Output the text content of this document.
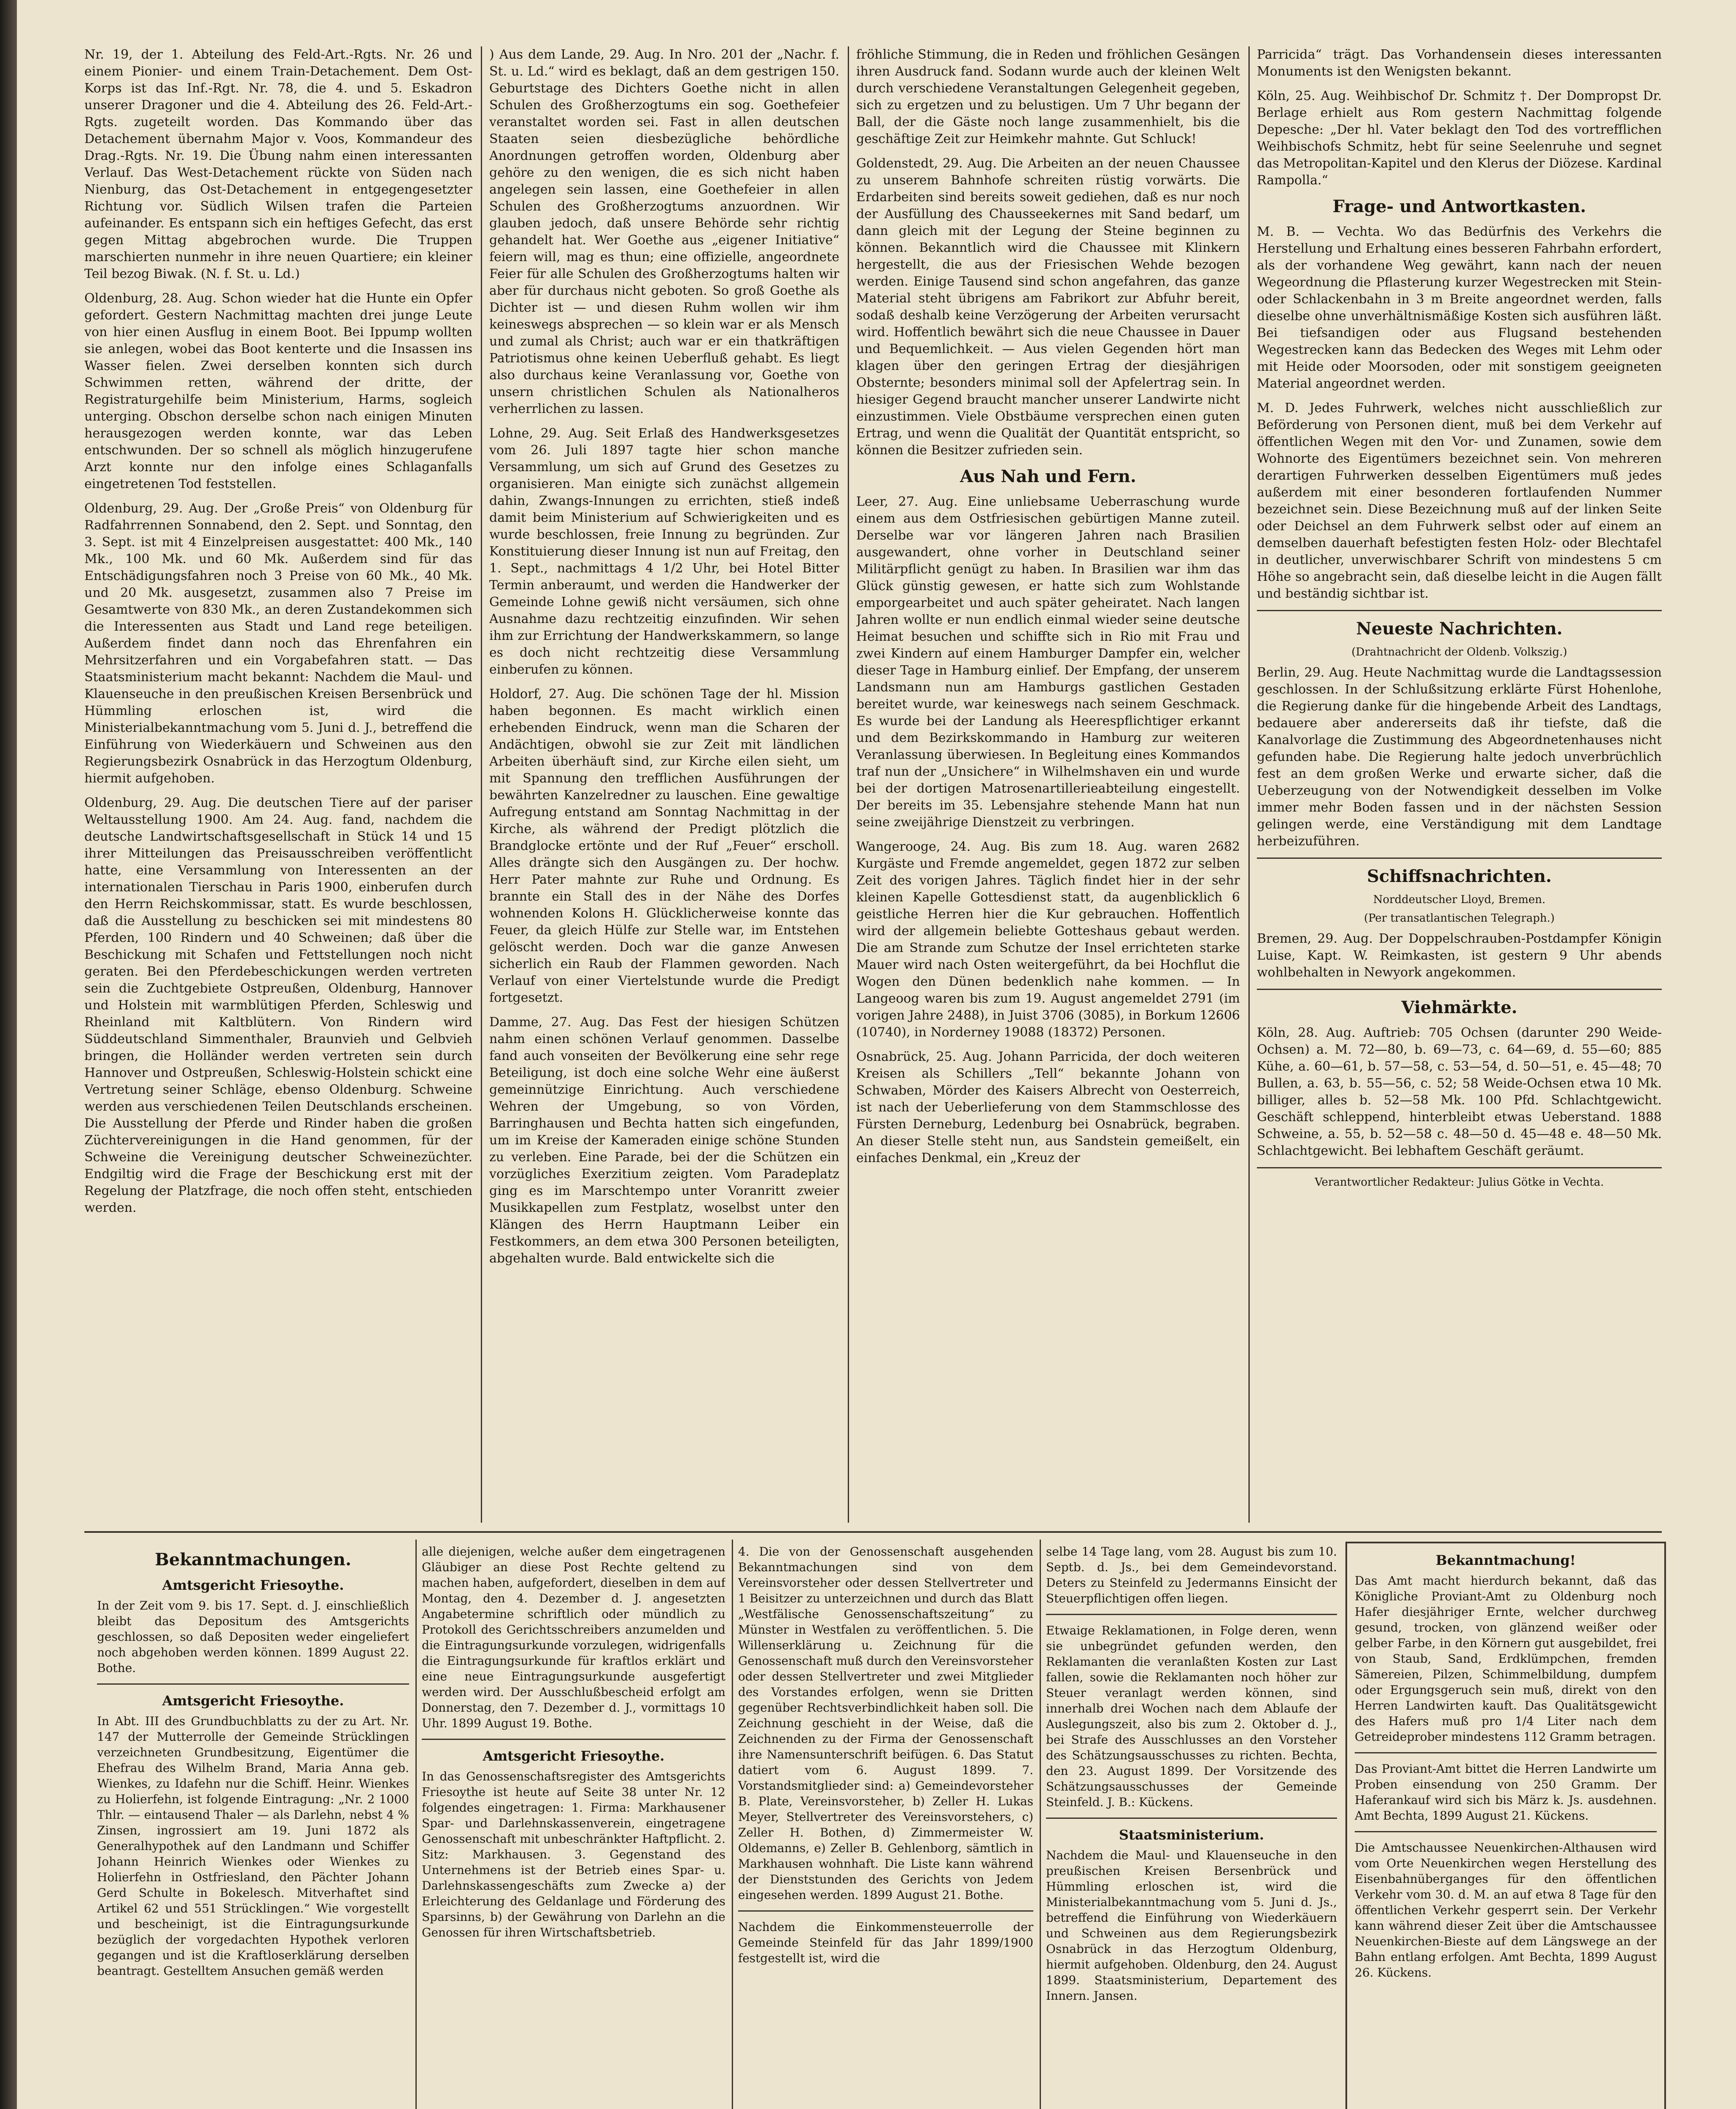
Nr. 19, der 1. Abteilung des Feld-Art.-Rgts. Nr. 26 und einem Pionier- und einem Train-Detachement. Dem Ost-Korps ist das Inf.-Rgt. Nr. 78, die 4. und 5. Eskadron unserer Dragoner und die 4. Abteilung des 26. Feld-Art.-Rgts. zugeteilt worden. Das Kommando über das Detachement übernahm Major v. Voos, Kommandeur des Drag.-Rgts. Nr. 19. Die Übung nahm einen interessanten Verlauf. Das West-Detachement rückte von Süden nach Nienburg, das Ost-Detachement in entgegengesetzter Richtung vor. Südlich Wilsen trafen die Parteien aufeinander. Es entspann sich ein heftiges Gefecht, das erst gegen Mittag abgebrochen wurde. Die Truppen marschierten nunmehr in ihre neuen Quartiere; ein kleiner Teil bezog Biwak. (N. f. St. u. Ld.)

Oldenburg, 28. Aug. Schon wieder hat die Hunte ein Opfer gefordert. Gestern Nachmittag machten drei junge Leute von hier einen Ausflug in einem Boot. Bei Ippump wollten sie anlegen, wobei das Boot kenterte und die Insassen ins Wasser fielen. Zwei derselben konnten sich durch Schwimmen retten, während der dritte, der Registraturgehilfe beim Ministerium, Harms, sogleich unterging. Obschon derselbe schon nach einigen Minuten herausgezogen werden konnte, war das Leben entschwunden. Der so schnell als möglich hinzugerufene Arzt konnte nur den infolge eines Schlaganfalls eingetretenen Tod feststellen.

Oldenburg, 29. Aug. Der „Große Preis“ von Oldenburg für Radfahrrennen Sonnabend, den 2. Sept. und Sonntag, den 3. Sept. ist mit 4 Einzelpreisen ausgestattet: 400 Mk., 140 Mk., 100 Mk. und 60 Mk. Außerdem sind für das Entschädigungsfahren noch 3 Preise von 60 Mk., 40 Mk. und 20 Mk. ausgesetzt, zusammen also 7 Preise im Gesamtwerte von 830 Mk., an deren Zustandekommen sich die Interessenten aus Stadt und Land rege beteiligen. Außerdem findet dann noch das Ehrenfahren ein Mehrsitzerfahren und ein Vorgabefahren statt. — Das Staatsministerium macht bekannt: Nachdem die Maul- und Klauenseuche in den preußischen Kreisen Bersenbrück und Hümmling erloschen ist, wird die Ministerialbekanntmachung vom 5. Juni d. J., betreffend die Einführung von Wiederkäuern und Schweinen aus den Regierungsbezirk Osnabrück in das Herzogtum Oldenburg, hiermit aufgehoben.

Oldenburg, 29. Aug. Die deutschen Tiere auf der pariser Weltausstellung 1900. Am 24. Aug. fand, nachdem die deutsche Landwirtschaftsgesellschaft in Stück 14 und 15 ihrer Mitteilungen das Preisausschreiben veröffentlicht hatte, eine Versammlung von Interessenten an der internationalen Tierschau in Paris 1900, einberufen durch den Herrn Reichskommissar, statt. Es wurde beschlossen, daß die Ausstellung zu beschicken sei mit mindestens 80 Pferden, 100 Rindern und 40 Schweinen; daß über die Beschickung mit Schafen und Fettstellungen noch nicht geraten. Bei den Pferdebeschickungen werden vertreten sein die Zuchtgebiete Ostpreußen, Oldenburg, Hannover und Holstein mit warmblütigen Pferden, Schleswig und Rheinland mit Kaltblütern. Von Rindern wird Süddeutschland Simmenthaler, Braunvieh und Gelbvieh bringen, die Holländer werden vertreten sein durch Hannover und Ostpreußen, Schleswig-Holstein schickt eine Vertretung seiner Schläge, ebenso Oldenburg. Schweine werden aus verschiedenen Teilen Deutschlands erscheinen. Die Ausstellung der Pferde und Rinder haben die großen Züchtervereinigungen in die Hand genommen, für der Schweine die Vereinigung deutscher Schweinezüchter. Endgiltig wird die Frage der Beschickung erst mit der Regelung der Platzfrage, die noch offen steht, entschieden werden.

) Aus dem Lande, 29. Aug. In Nro. 201 der „Nachr. f. St. u. Ld.“ wird es beklagt, daß an dem gestrigen 150. Geburtstage des Dichters Goethe nicht in allen Schulen des Großherzogtums ein sog. Goethefeier veranstaltet worden sei. Fast in allen deutschen Staaten seien diesbezügliche behördliche Anordnungen getroffen worden, Oldenburg aber gehöre zu den wenigen, die es sich nicht haben angelegen sein lassen, eine Goethefeier in allen Schulen des Großherzogtums anzuordnen. Wir glauben jedoch, daß unsere Behörde sehr richtig gehandelt hat. Wer Goethe aus „eigener Initiative“ feiern will, mag es thun; eine offizielle, angeordnete Feier für alle Schulen des Großherzogtums halten wir aber für durchaus nicht geboten. So groß Goethe als Dichter ist — und diesen Ruhm wollen wir ihm keineswegs absprechen — so klein war er als Mensch und zumal als Christ; auch war er ein thatkräftigen Patriotismus ohne keinen Ueberfluß gehabt. Es liegt also durchaus keine Veranlassung vor, Goethe von unsern christlichen Schulen als Nationalheros verherrlichen zu lassen.

Lohne, 29. Aug. Seit Erlaß des Handwerksgesetzes vom 26. Juli 1897 tagte hier schon manche Versammlung, um sich auf Grund des Gesetzes zu organisieren. Man einigte sich zunächst allgemein dahin, Zwangs-Innungen zu errichten, stieß indeß damit beim Ministerium auf Schwierigkeiten und es wurde beschlossen, freie Innung zu begründen. Zur Konstituierung dieser Innung ist nun auf Freitag, den 1. Sept., nachmittags 4 1/2 Uhr, bei Hotel Bitter Termin anberaumt, und werden die Handwerker der Gemeinde Lohne gewiß nicht versäumen, sich ohne Ausnahme dazu rechtzeitig einzufinden. Wir sehen ihm zur Errichtung der Handwerkskammern, so lange es doch nicht rechtzeitig diese Versammlung einberufen zu können.

Holdorf, 27. Aug. Die schönen Tage der hl. Mission haben begonnen. Es macht wirklich einen erhebenden Eindruck, wenn man die Scharen der Andächtigen, obwohl sie zur Zeit mit ländlichen Arbeiten überhäuft sind, zur Kirche eilen sieht, um mit Spannung den trefflichen Ausführungen der bewährten Kanzelredner zu lauschen. Eine gewaltige Aufregung entstand am Sonntag Nachmittag in der Kirche, als während der Predigt plötzlich die Brandglocke ertönte und der Ruf „Feuer“ erscholl. Alles drängte sich den Ausgängen zu. Der hochw. Herr Pater mahnte zur Ruhe und Ordnung. Es brannte ein Stall des in der Nähe des Dorfes wohnenden Kolons H. Glücklicherweise konnte das Feuer, da gleich Hülfe zur Stelle war, im Entstehen gelöscht werden. Doch war die ganze Anwesen sicherlich ein Raub der Flammen geworden. Nach Verlauf von einer Viertelstunde wurde die Predigt fortgesetzt.

Damme, 27. Aug. Das Fest der hiesigen Schützen nahm einen schönen Verlauf genommen. Dasselbe fand auch vonseiten der Bevölkerung eine sehr rege Beteiligung, ist doch eine solche Wehr eine äußerst gemeinnützige Einrichtung. Auch verschiedene Wehren der Umgebung, so von Vörden, Barringhausen und Bechta hatten sich eingefunden, um im Kreise der Kameraden einige schöne Stunden zu verleben. Eine Parade, bei der die Schützen ein vorzügliches Exerzitium zeigten. Vom Paradeplatz ging es im Marschtempo unter Voranritt zweier Musikkapellen zum Festplatz, woselbst unter den Klängen des Herrn Hauptmann Leiber ein Festkommers, an dem etwa 300 Personen beteiligten, abgehalten wurde. Bald entwickelte sich die

fröhliche Stimmung, die in Reden und fröhlichen Gesängen ihren Ausdruck fand. Sodann wurde auch der kleinen Welt durch verschiedene Veranstaltungen Gelegenheit gegeben, sich zu ergetzen und zu belustigen. Um 7 Uhr begann der Ball, der die Gäste noch lange zusammenhielt, bis die geschäftige Zeit zur Heimkehr mahnte. Gut Schluck!

Goldenstedt, 29. Aug. Die Arbeiten an der neuen Chaussee zu unserem Bahnhofe schreiten rüstig vorwärts. Die Erdarbeiten sind bereits soweit gediehen, daß es nur noch der Ausfüllung des Chausseekernes mit Sand bedarf, um dann gleich mit der Legung der Steine beginnen zu können. Bekanntlich wird die Chaussee mit Klinkern hergestellt, die aus der Friesischen Wehde bezogen werden. Einige Tausend sind schon angefahren, das ganze Material steht übrigens am Fabrikort zur Abfuhr bereit, sodaß deshalb keine Verzögerung der Arbeiten verursacht wird. Hoffentlich bewährt sich die neue Chaussee in Dauer und Bequemlichkeit. — Aus vielen Gegenden hört man klagen über den geringen Ertrag der diesjährigen Obsternte; besonders minimal soll der Apfelertrag sein. In hiesiger Gegend braucht mancher unserer Landwirte nicht einzustimmen. Viele Obstbäume versprechen einen guten Ertrag, und wenn die Qualität der Quantität entspricht, so können die Besitzer zufrieden sein.

Aus Nah und Fern.

Leer, 27. Aug. Eine unliebsame Ueberraschung wurde einem aus dem Ostfriesischen gebürtigen Manne zuteil. Derselbe war vor längeren Jahren nach Brasilien ausgewandert, ohne vorher in Deutschland seiner Militärpflicht genügt zu haben. In Brasilien war ihm das Glück günstig gewesen, er hatte sich zum Wohlstande emporgearbeitet und auch später geheiratet. Nach langen Jahren wollte er nun endlich einmal wieder seine deutsche Heimat besuchen und schiffte sich in Rio mit Frau und zwei Kindern auf einem Hamburger Dampfer ein, welcher dieser Tage in Hamburg einlief. Der Empfang, der unserem Landsmann nun am Hamburgs gastlichen Gestaden bereitet wurde, war keineswegs nach seinem Geschmack. Es wurde bei der Landung als Heerespflichtiger erkannt und dem Bezirkskommando in Hamburg zur weiteren Veranlassung überwiesen. In Begleitung eines Kommandos traf nun der „Unsichere“ in Wilhelmshaven ein und wurde bei der dortigen Matrosenartillerieabteilung eingestellt. Der bereits im 35. Lebensjahre stehende Mann hat nun seine zweijährige Dienstzeit zu verbringen.

Wangerooge, 24. Aug. Bis zum 18. Aug. waren 2682 Kurgäste und Fremde angemeldet, gegen 1872 zur selben Zeit des vorigen Jahres. Täglich findet hier in der sehr kleinen Kapelle Gottesdienst statt, da augenblicklich 6 geistliche Herren hier die Kur gebrauchen. Hoffentlich wird der allgemein beliebte Gotteshaus gebaut werden. Die am Strande zum Schutze der Insel errichteten starke Mauer wird nach Osten weitergeführt, da bei Hochflut die Wogen den Dünen bedenklich nahe kommen. — In Langeoog waren bis zum 19. August angemeldet 2791 (im vorigen Jahre 2488), in Juist 3706 (3085), in Borkum 12606 (10740), in Norderney 19088 (18372) Personen.

Osnabrück, 25. Aug. Johann Parricida, der doch weiteren Kreisen als Schillers „Tell“ bekannte Johann von Schwaben, Mörder des Kaisers Albrecht von Oesterreich, ist nach der Ueberlieferung von dem Stammschlosse des Fürsten Derneburg, Ledenburg bei Osnabrück, begraben. An dieser Stelle steht nun, aus Sandstein gemeißelt, ein einfaches Denkmal, ein „Kreuz der

Parricida“ trägt. Das Vorhandensein dieses interessanten Monuments ist den Wenigsten bekannt.

Köln, 25. Aug. Weihbischof Dr. Schmitz †. Der Dompropst Dr. Berlage erhielt aus Rom gestern Nachmittag folgende Depesche: „Der hl. Vater beklagt den Tod des vortrefflichen Weihbischofs Schmitz, hebt für seine Seelenruhe und segnet das Metropolitan-Kapitel und den Klerus der Diözese. Kardinal Rampolla.“

Frage- und Antwortkasten.

M. B. — Vechta. Wo das Bedürfnis des Verkehrs die Herstellung und Erhaltung eines besseren Fahrbahn erfordert, als der vorhandene Weg gewährt, kann nach der neuen Wegeordnung die Pflasterung kurzer Wegestrecken mit Stein- oder Schlackenbahn in 3 m Breite angeordnet werden, falls dieselbe ohne unverhältnismäßige Kosten sich ausführen läßt. Bei tiefsandigen oder aus Flugsand bestehenden Wegestrecken kann das Bedecken des Weges mit Lehm oder mit Heide oder Moorsoden, oder mit sonstigem geeigneten Material angeordnet werden.

M. D. Jedes Fuhrwerk, welches nicht ausschließlich zur Beförderung von Personen dient, muß bei dem Verkehr auf öffentlichen Wegen mit den Vor- und Zunamen, sowie dem Wohnorte des Eigentümers bezeichnet sein. Von mehreren derartigen Fuhrwerken desselben Eigentümers muß jedes außerdem mit einer besonderen fortlaufenden Nummer bezeichnet sein. Diese Bezeichnung muß auf der linken Seite oder Deichsel an dem Fuhrwerk selbst oder auf einem an demselben dauerhaft befestigten festen Holz- oder Blechtafel in deutlicher, unverwischbarer Schrift von mindestens 5 cm Höhe so angebracht sein, daß dieselbe leicht in die Augen fällt und beständig sichtbar ist.

Neueste Nachrichten.
(Drahtnachricht der Oldenb. Volkszig.)

Berlin, 29. Aug. Heute Nachmittag wurde die Landtagssession geschlossen. In der Schlußsitzung erklärte Fürst Hohenlohe, die Regierung danke für die hingebende Arbeit des Landtags, bedauere aber andererseits daß ihr tiefste, daß die Kanalvorlage die Zustimmung des Abgeordnetenhauses nicht gefunden habe. Die Regierung halte jedoch unverbrüchlich fest an dem großen Werke und erwarte sicher, daß die Ueberzeugung von der Notwendigkeit desselben im Volke immer mehr Boden fassen und in der nächsten Session gelingen werde, eine Verständigung mit dem Landtage herbeizuführen.

Schiffsnachrichten.
Norddeutscher Lloyd, Bremen.
(Per transatlantischen Telegraph.)

Bremen, 29. Aug. Der Doppelschrauben-Postdampfer Königin Luise, Kapt. W. Reimkasten, ist gestern 9 Uhr abends wohlbehalten in Newyork angekommen.

Viehmärkte.

Köln, 28. Aug. Auftrieb: 705 Ochsen (darunter 290 Weide-Ochsen) a. M. 72—80, b. 69—73, c. 64—69, d. 55—60; 885 Kühe, a. 60—61, b. 57—58, c. 53—54, d. 50—51, e. 45—48; 70 Bullen, a. 63, b. 55—56, c. 52; 58 Weide-Ochsen etwa 10 Mk. billiger, alles b. 52—58 Mk. 100 Pfd. Schlachtgewicht. Geschäft schleppend, hinterbleibt etwas Ueberstand. 1888 Schweine, a. 55, b. 52—58 c. 48—50 d. 45—48 e. 48—50 Mk. Schlachtgewicht. Bei lebhaftem Geschäft geräumt.

Verantwortlicher Redakteur: Julius Götke in Vechta.
Bekanntmachungen.
Amtsgericht Friesoythe.

In der Zeit vom 9. bis 17. Sept. d. J. einschließlich bleibt das Depositum des Amtsgerichts geschlossen, so daß Depositen weder eingeliefert noch abgehoben werden können. 1899 August 22. Bothe.

Amtsgericht Friesoythe.

In Abt. III des Grundbuchblatts zu der zu Art. Nr. 147 der Mutterrolle der Gemeinde Strücklingen verzeichneten Grundbesitzung, Eigentümer die Ehefrau des Wilhelm Brand, Maria Anna geb. Wienkes, zu Idafehn nur die Schiff. Heinr. Wienkes zu Holierfehn, ist folgende Eintragung: „Nr. 2 1000 Thlr. — eintausend Thaler — als Darlehn, nebst 4 % Zinsen, ingrossiert am 19. Juni 1872 als Generalhypothek auf den Landmann und Schiffer Johann Heinrich Wienkes oder Wienkes zu Holierfehn in Ostfriesland, den Pächter Johann Gerd Schulte in Bokelesch. Mitverhaftet sind Artikel 62 und 551 Strücklingen.“ Wie vorgestellt und bescheinigt, ist die Eintragungsurkunde bezüglich der vorgedachten Hypothek verloren gegangen und ist die Kraftloserklärung derselben beantragt. Gestelltem Ansuchen gemäß werden

alle diejenigen, welche außer dem eingetragenen Gläubiger an diese Post Rechte geltend zu machen haben, aufgefordert, dieselben in dem auf Montag, den 4. Dezember d. J. angesetzten Angabetermine schriftlich oder mündlich zu Protokoll des Gerichtsschreibers anzumelden und die Eintragungsurkunde vorzulegen, widrigenfalls die Eintragungsurkunde für kraftlos erklärt und eine neue Eintragungsurkunde ausgefertigt werden wird. Der Ausschlußbescheid erfolgt am Donnerstag, den 7. Dezember d. J., vormittags 10 Uhr. 1899 August 19. Bothe.

Amtsgericht Friesoythe.

In das Genossenschaftsregister des Amtsgerichts Friesoythe ist heute auf Seite 38 unter Nr. 12 folgendes eingetragen: 1. Firma: Markhausener Spar- und Darlehnskassenverein, eingetragene Genossenschaft mit unbeschränkter Haftpflicht. 2. Sitz: Markhausen. 3. Gegenstand des Unternehmens ist der Betrieb eines Spar- u. Darlehnskassengeschäfts zum Zwecke a) der Erleichterung des Geldanlage und Förderung des Sparsinns, b) der Gewährung von Darlehn an die Genossen für ihren Wirtschaftsbetrieb.

4. Die von der Genossenschaft ausgehenden Bekanntmachungen sind von dem Vereinsvorsteher oder dessen Stellvertreter und 1 Beisitzer zu unterzeichnen und durch das Blatt „Westfälische Genossenschaftszeitung“ zu Münster in Westfalen zu veröffentlichen. 5. Die Willenserklärung u. Zeichnung für die Genossenschaft muß durch den Vereinsvorsteher oder dessen Stellvertreter und zwei Mitglieder des Vorstandes erfolgen, wenn sie Dritten gegenüber Rechtsverbindlichkeit haben soll. Die Zeichnung geschieht in der Weise, daß die Zeichnenden zu der Firma der Genossenschaft ihre Namensunterschrift beifügen. 6. Das Statut datiert vom 6. August 1899. 7. Vorstandsmitglieder sind: a) Gemeindevorsteher B. Plate, Vereinsvorsteher, b) Zeller H. Lukas Meyer, Stellvertreter des Vereinsvorstehers, c) Zeller H. Bothen, d) Zimmermeister W. Oldemanns, e) Zeller B. Gehlenborg, sämtlich in Markhausen wohnhaft. Die Liste kann während der Dienststunden des Gerichts von Jedem eingesehen werden. 1899 August 21. Bothe.

Nachdem die Einkommensteuerrolle der Gemeinde Steinfeld für das Jahr 1899/1900 festgestellt ist, wird die

selbe 14 Tage lang, vom 28. August bis zum 10. Septb. d. Js., bei dem Gemeindevorstand. Deters zu Steinfeld zu Jedermanns Einsicht der Steuerpflichtigen offen liegen.

Etwaige Reklamationen, in Folge deren, wenn sie unbegründet gefunden werden, den Reklamanten die veranlaßten Kosten zur Last fallen, sowie die Reklamanten noch höher zur Steuer veranlagt werden können, sind innerhalb drei Wochen nach dem Ablaufe der Auslegungszeit, also bis zum 2. Oktober d. J., bei Strafe des Ausschlusses an den Vorsteher des Schätzungsausschusses zu richten. Bechta, den 23. August 1899. Der Vorsitzende des Schätzungsausschusses der Gemeinde Steinfeld. J. B.: Kückens.

Staatsministerium.

Nachdem die Maul- und Klauenseuche in den preußischen Kreisen Bersenbrück und Hümmling erloschen ist, wird die Ministerialbekanntmachung vom 5. Juni d. Js., betreffend die Einführung von Wiederkäuern und Schweinen aus dem Regierungsbezirk Osnabrück in das Herzogtum Oldenburg, hiermit aufgehoben. Oldenburg, den 24. August 1899. Staatsministerium, Departement des Innern. Jansen.

Bekanntmachung!

Das Amt macht hierdurch bekannt, daß das Königliche Proviant-Amt zu Oldenburg noch Hafer diesjähriger Ernte, welcher durchweg gesund, trocken, von glänzend weißer oder gelber Farbe, in den Körnern gut ausgebildet, frei von Staub, Sand, Erdklümpchen, fremden Sämereien, Pilzen, Schimmelbildung, dumpfem oder Ergungsgeruch sein muß, direkt von den Herren Landwirten kauft. Das Qualitätsgewicht des Hafers muß pro 1/4 Liter nach dem Getreideprober mindestens 112 Gramm betragen.

Das Proviant-Amt bittet die Herren Landwirte um Proben einsendung von 250 Gramm. Der Haferankauf wird sich bis März k. Js. ausdehnen. Amt Bechta, 1899 August 21. Kückens.

Die Amtschaussee Neuenkirchen-Althausen wird vom Orte Neuenkirchen wegen Herstellung des Eisenbahnüberganges für den öffentlichen Verkehr vom 30. d. M. an auf etwa 8 Tage für den öffentlichen Verkehr gesperrt sein. Der Verkehr kann während dieser Zeit über die Amtschaussee Neuenkirchen-Bieste auf dem Längswege an der Bahn entlang erfolgen. Amt Bechta, 1899 August 26. Kückens.
